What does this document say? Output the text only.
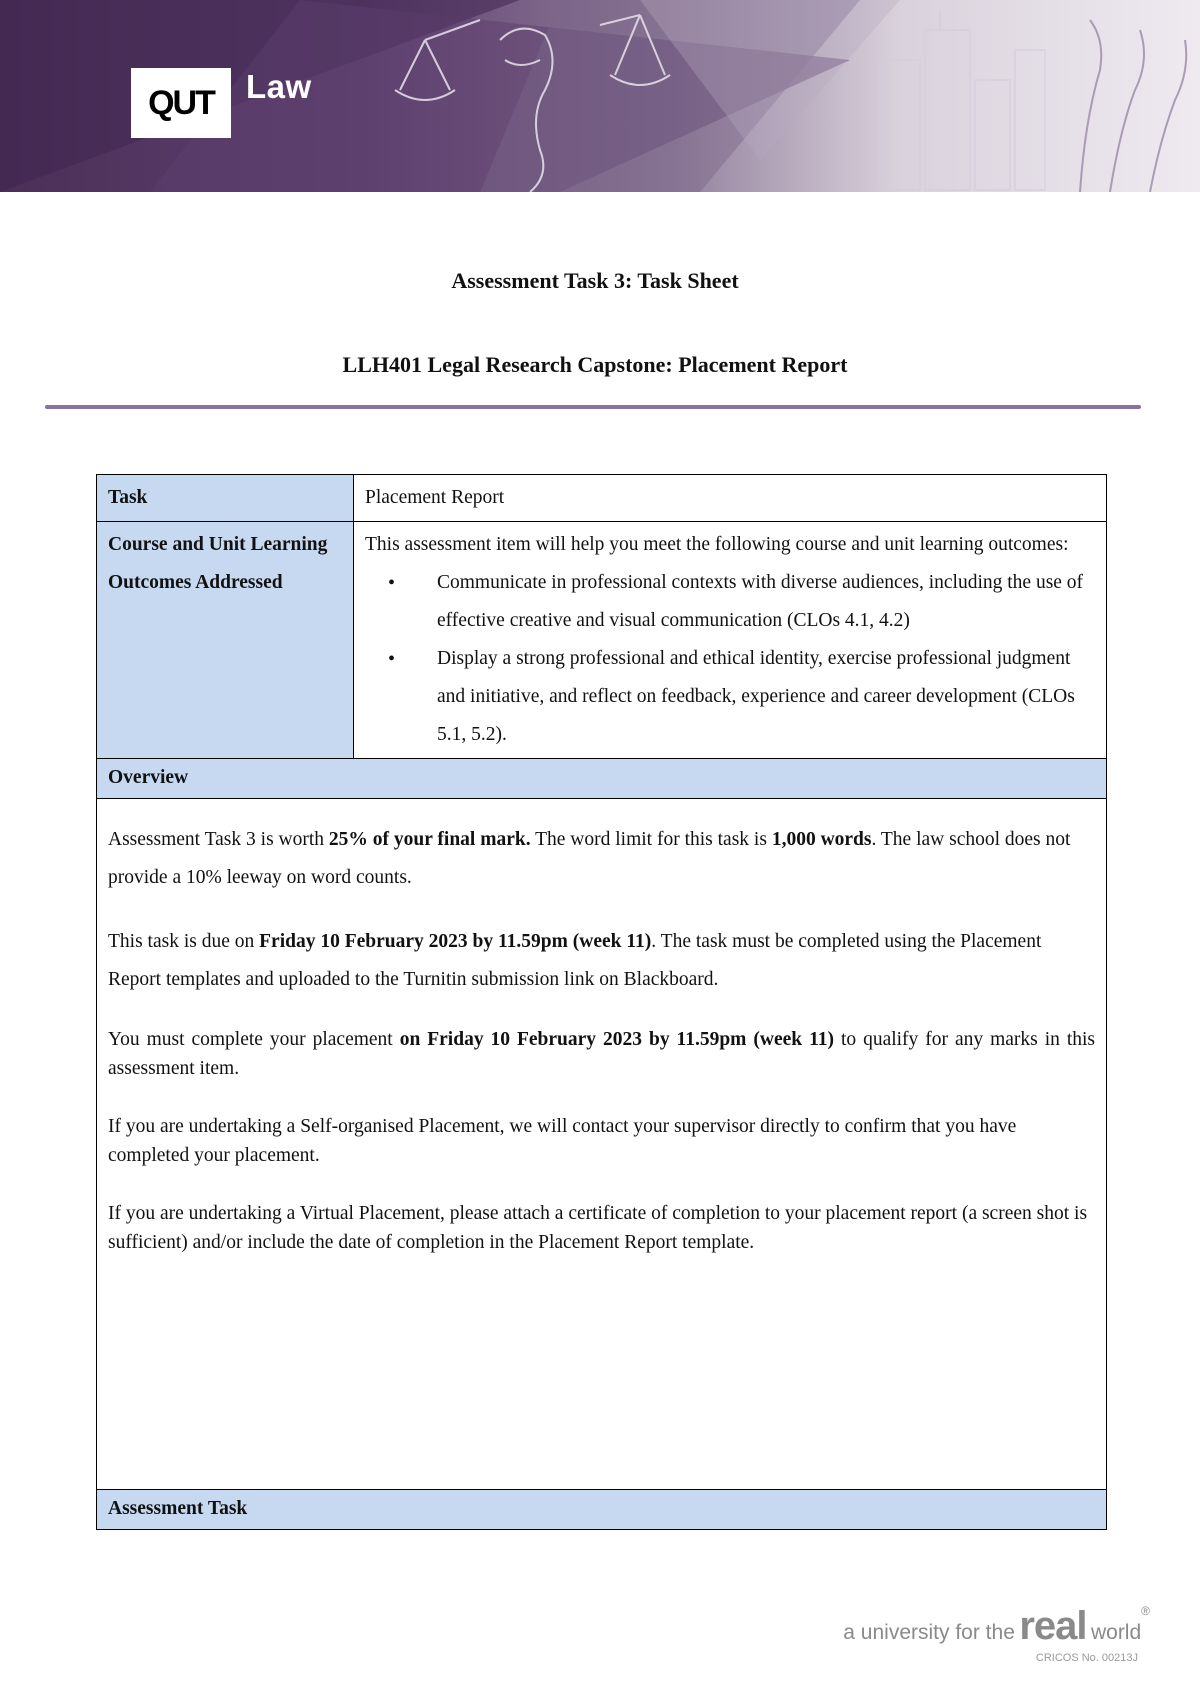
QUT Law
Assessment Task 3: Task Sheet
LLH401 Legal Research Capstone: Placement Report
Task	Placement Report
Course and Unit Learning Outcomes Addressed
This assessment item will help you meet the following course and unit learning outcomes:
• Communicate in professional contexts with diverse audiences, including the use of effective creative and visual communication (CLOs 4.1, 4.2)
• Display a strong professional and ethical identity, exercise professional judgment and initiative, and reflect on feedback, experience and career development (CLOs 5.1, 5.2).
Overview

Assessment Task 3 is worth 25% of your final mark. The word limit for this task is 1,000 words. The law school does not provide a 10% leeway on word counts.

This task is due on Friday 10 February 2023 by 11.59pm (week 11). The task must be completed using the Placement Report templates and uploaded to the Turnitin submission link on Blackboard.

You must complete your placement on Friday 10 February 2023 by 11.59pm (week 11) to qualify for any marks in this assessment item.

If you are undertaking a Self-organised Placement, we will contact your supervisor directly to confirm that you have completed your placement.

If you are undertaking a Virtual Placement, please attach a certificate of completion to your placement report (a screen shot is sufficient) and/or include the date of completion in the Placement Report template.

Assessment Task
a university for the real world®
CRICOS No. 00213J
